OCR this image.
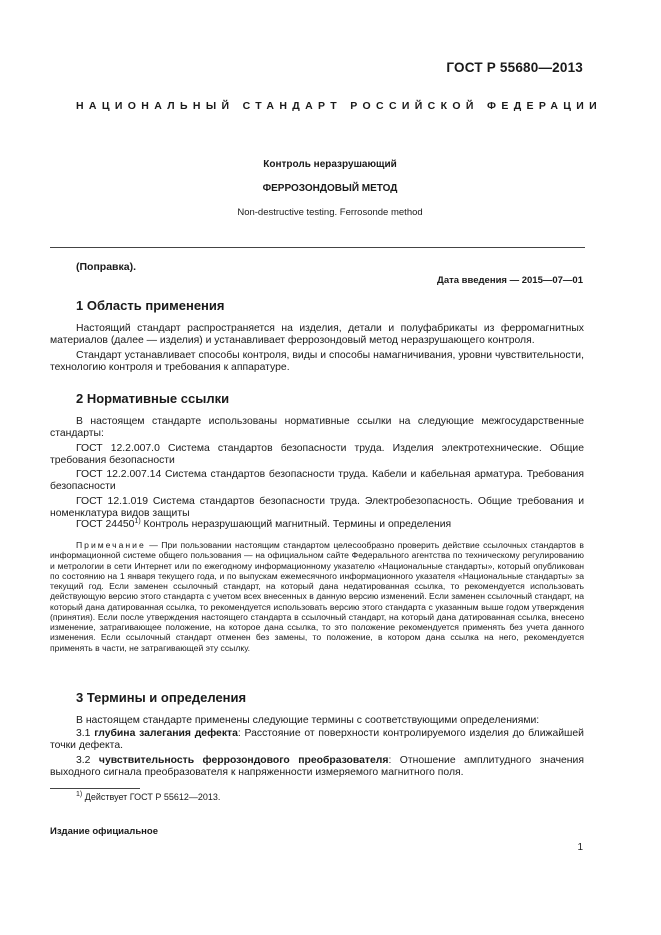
ГОСТ Р 55680—2013
НАЦИОНАЛЬНЫЙ СТАНДАРТ РОССИЙСКОЙ ФЕДЕРАЦИИ
Контроль неразрушающий
ФЕРРОЗОНДОВЫЙ МЕТОД
Non-destructive testing. Ferrosonde method
(Поправка).
Дата введения — 2015—07—01
1 Область применения

Настоящий стандарт распространяется на изделия, детали и полуфабрикаты из ферромагнитных материалов (далее — изделия) и устанавливает феррозондовый метод неразрушающего контроля.

Стандарт устанавливает способы контроля, виды и способы намагничивания, уровни чувствительности, технологию контроля и требования к аппаратуре.

2 Нормативные ссылки

В настоящем стандарте использованы нормативные ссылки на следующие межгосударственные стандарты:

ГОСТ 12.2.007.0 Система стандартов безопасности труда. Изделия электротехнические. Общие требования безопасности

ГОСТ 12.2.007.14 Система стандартов безопасности труда. Кабели и кабельная арматура. Требования безопасности

ГОСТ 12.1.019 Система стандартов безопасности труда. Электробезопасность. Общие требования и номенклатура видов защиты

ГОСТ 24450$^{1)}$ Контроль неразрушающий магнитный. Термины и определения

Примечание — При пользовании настоящим стандартом целесообразно проверить действие ссылочных стандартов в информационной системе общего пользования — на официальном сайте Федерального агентства по техническому регулированию и метрологии в сети Интернет или по ежегодному информационному указателю «Национальные стандарты», который опубликован по состоянию на 1 января текущего года, и по выпускам ежемесячного информационного указателя «Национальные стандарты» за текущий год. Если заменен ссылочный стандарт, на который дана недатированная ссылка, то рекомендуется использовать действующую версию этого стандарта с учетом всех внесенных в данную версию изменений. Если заменен ссылочный стандарт, на который дана датированная ссылка, то рекомендуется использовать версию этого стандарта с указанным выше годом утверждения (принятия). Если после утверждения настоящего стандарта в ссылочный стандарт, на который дана датированная ссылка, внесено изменение, затрагивающее положение, на которое дана ссылка, то это положение рекомендуется применять без учета данного изменения. Если ссылочный стандарт отменен без замены, то положение, в котором дана ссылка на него, рекомендуется применять в части, не затрагивающей эту ссылку.

3 Термины и определения

В настоящем стандарте применены следующие термины с соответствующими определениями:

3.1 глубина залегания дефекта: Расстояние от поверхности контролируемого изделия до ближайшей точки дефекта.

3.2 чувствительность феррозондового преобразователя: Отношение амплитудного значения выходного сигнала преобразователя к напряженности измеряемого магнитного поля.

$^{1)}$ Действует ГОСТ Р 55612—2013.
Издание официальное
1
